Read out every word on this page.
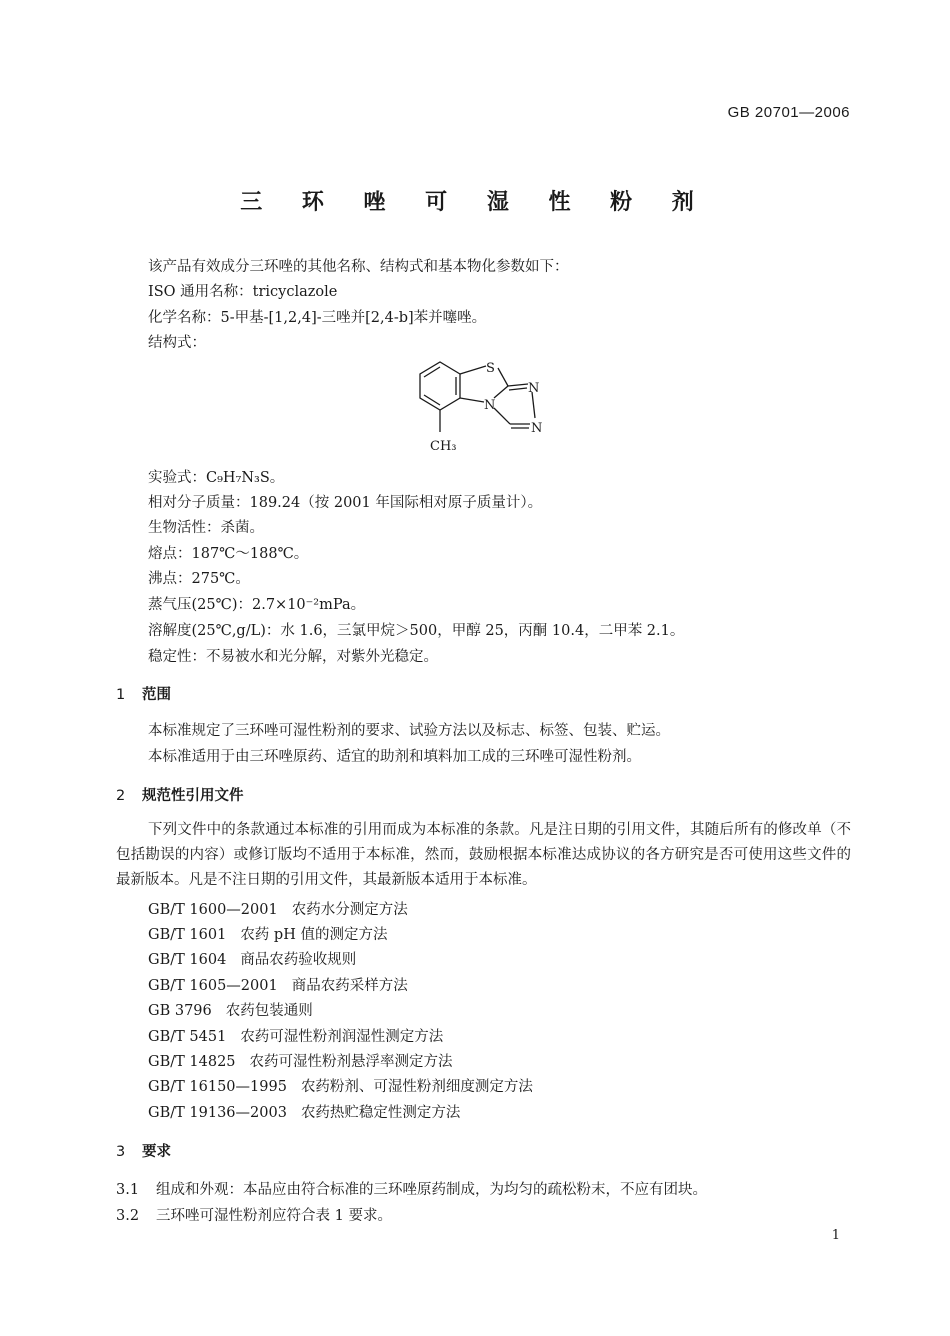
GB 20701—2006
三 环 唑 可 湿 性 粉 剂
该产品有效成分三环唑的其他名称、结构式和基本物化参数如下：
ISO 通用名称：tricyclazole
化学名称：5-甲基-[1,2,4]-三唑并[2,4-b]苯并噻唑。
结构式：
S
N
N
N
CH₃
实验式：C₉H₇N₃S。
相对分子质量：189.24（按 2001 年国际相对原子质量计）。
生物活性：杀菌。
熔点：187℃～188℃。
沸点：275℃。
蒸气压(25℃)：2.7×10⁻²mPa。
溶解度(25℃,g/L)：水 1.6，三氯甲烷＞500，甲醇 25，丙酮 10.4，二甲苯 2.1。
稳定性：不易被水和光分解，对紫外光稳定。
1 范围
本标准规定了三环唑可湿性粉剂的要求、试验方法以及标志、标签、包装、贮运。
本标准适用于由三环唑原药、适宜的助剂和填料加工成的三环唑可湿性粉剂。
2 规范性引用文件
下列文件中的条款通过本标准的引用而成为本标准的条款。凡是注日期的引用文件，其随后所有的修改单（不包括勘误的内容）或修订版均不适用于本标准，然而，鼓励根据本标准达成协议的各方研究是否可使用这些文件的最新版本。凡是不注日期的引用文件，其最新版本适用于本标准。
GB/T 1600—2001 农药水分测定方法
GB/T 1601 农药 pH 值的测定方法
GB/T 1604 商品农药验收规则
GB/T 1605—2001 商品农药采样方法
GB 3796 农药包装通则
GB/T 5451 农药可湿性粉剂润湿性测定方法
GB/T 14825 农药可湿性粉剂悬浮率测定方法
GB/T 16150—1995 农药粉剂、可湿性粉剂细度测定方法
GB/T 19136—2003 农药热贮稳定性测定方法
3 要求
3.1 组成和外观：本品应由符合标准的三环唑原药制成，为均匀的疏松粉末，不应有团块。
3.2 三环唑可湿性粉剂应符合表 1 要求。
1
